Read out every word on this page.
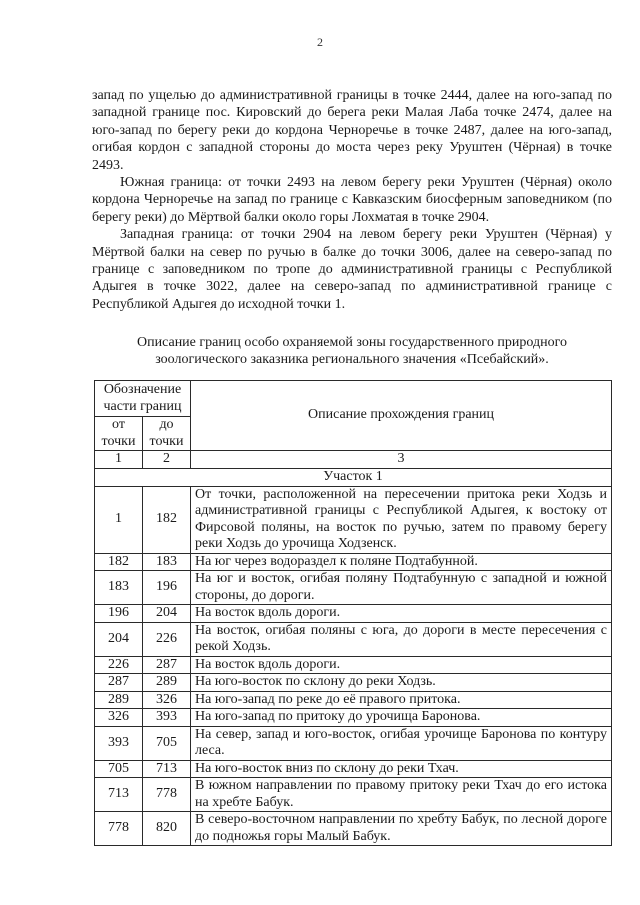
2

запад по ущелью до административной границы в точке 2444, далее на юго-запад по западной границе пос. Кировский до берега реки Малая Лаба точке 2474, далее на юго-запад по берегу реки до кордона Черноречье в точке 2487, далее на юго-запад, огибая кордон с западной стороны до моста через реку Уруштен (Чёрная) в точке 2493.

Южная граница: от точки 2493 на левом берегу реки Уруштен (Чёрная) около кордона Черноречье на запад по границе с Кавказским биосферным заповедником (по берегу реки) до Мёртвой балки около горы Лохматая в точке 2904.

Западная граница: от точки 2904 на левом берегу реки Уруштен (Чёрная) у Мёртвой балки на север по ручью в балке до точки 3006, далее на северо-запад по границе с заповедником по тропе до административной границы с Республикой Адыгея в точке 3022, далее на северо-запад по административной границе с Республикой Адыгея до исходной точки 1.

Описание границ особо охраняемой зоны государственного природного зоологического заказника регионального значения «Псебайский».
Обозначение части границ		Описание прохождения границ
от точки	до точки	
1	2	3
Участок 1		
1	182	От точки, расположенной на пересечении притока реки Ходзь и административной границы с Республикой Адыгея, к востоку от Фирсовой поляны, на восток по ручью, затем по правому берегу реки Ходзь до урочища Ходзенск.
182	183	На юг через водораздел к поляне Подтабунной.
183	196	На юг и восток, огибая поляну Подтабунную с западной и южной стороны, до дороги.
196	204	На восток вдоль дороги.
204	226	На восток, огибая поляны с юга, до дороги в месте пересечения с рекой Ходзь.
226	287	На восток вдоль дороги.
287	289	На юго-восток по склону до реки Ходзь.
289	326	На юго-запад по реке до её правого притока.
326	393	На юго-запад по притоку до урочища Баронова.
393	705	На север, запад и юго-восток, огибая урочище Баронова по контуру леса.
705	713	На юго-восток вниз по склону до реки Тхач.
713	778	В южном направлении по правому притоку реки Тхач до его истока на хребте Бабук.
778	820	В северо-восточном направлении по хребту Бабук, по лесной дороге до подножья горы Малый Бабук.
